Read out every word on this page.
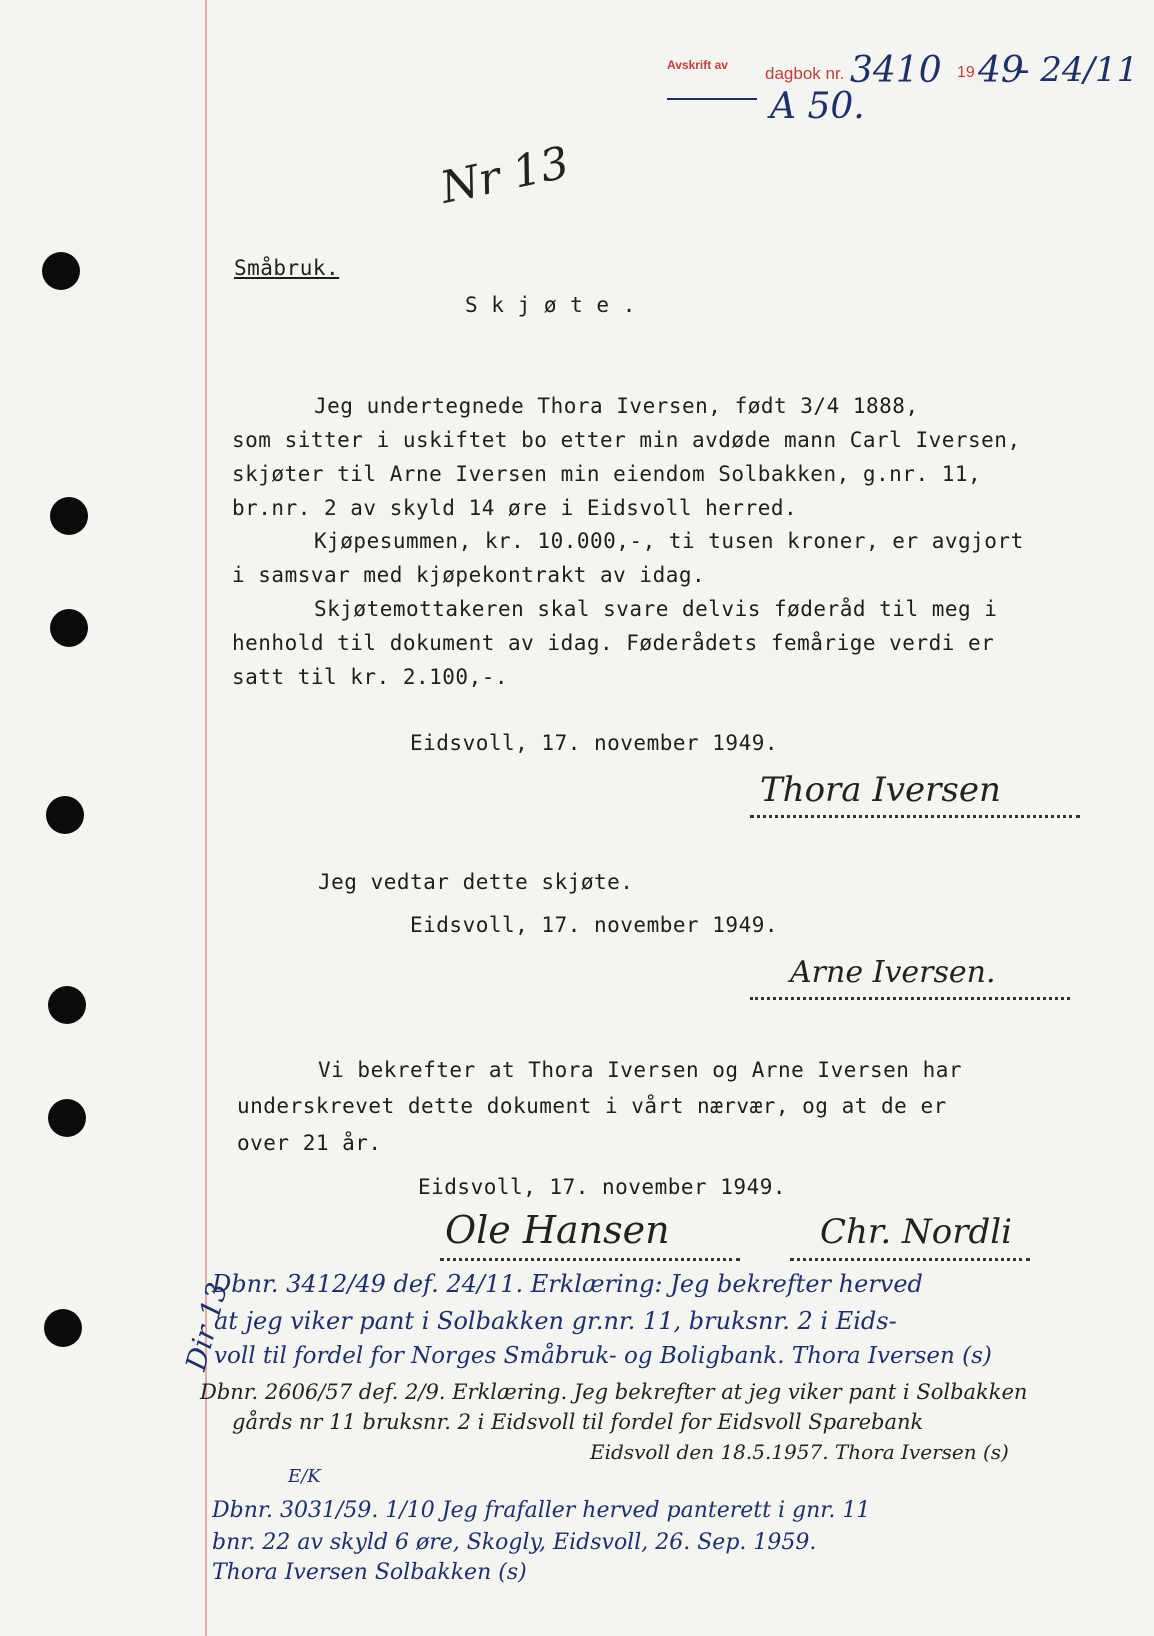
Avskrift av dagbok nr. 3410 19 49
- 24/11
A 50.
Nr 13
Småbruk.
S k j ø t e .
Jeg undertegnede Thora Iversen, født 3/4 1888,
som sitter i uskiftet bo etter min avdøde mann Carl Iversen,
skjøter til Arne Iversen min eiendom Solbakken, g.nr. 11,
br.nr. 2 av skyld 14 øre i Eidsvoll herred.
Kjøpesummen, kr. 10.000,-, ti tusen kroner, er avgjort
i samsvar med kjøpekontrakt av idag.
Skjøtemottakeren skal svare delvis føderåd til meg i
henhold til dokument av idag. Føderådets femårige verdi er
satt til kr. 2.100,-.
Eidsvoll, 17. november 1949.
Thora Iversen
Jeg vedtar dette skjøte.
Eidsvoll, 17. november 1949.
Arne Iversen.
Vi bekrefter at Thora Iversen og Arne Iversen har
underskrevet dette dokument i vårt nærvær, og at de er
over 21 år.
Eidsvoll, 17. november 1949.
Ole Hansen	Chr. Nordli
Dir 13
Dbnr. 3412/49 def. 24/11. Erklæring: Jeg bekrefter herved
at jeg viker pant i Solbakken gr.nr. 11, bruksnr. 2 i Eids-
voll til fordel for Norges Småbruk- og Boligbank. Thora Iversen (s)
Dbnr. 2606/57 def. 2/9. Erklæring. Jeg bekrefter at jeg viker pant i Solbakken
gårds nr 11 bruksnr. 2 i Eidsvoll til fordel for Eidsvoll Sparebank
Eidsvoll den 18.5.1957. Thora Iversen (s)
E/K
Dbnr. 3031/59. 1/10 Jeg frafaller herved panterett i gnr. 11
bnr. 22 av skyld 6 øre, Skogly, Eidsvoll, 26. Sep. 1959.
Thora Iversen Solbakken (s)
